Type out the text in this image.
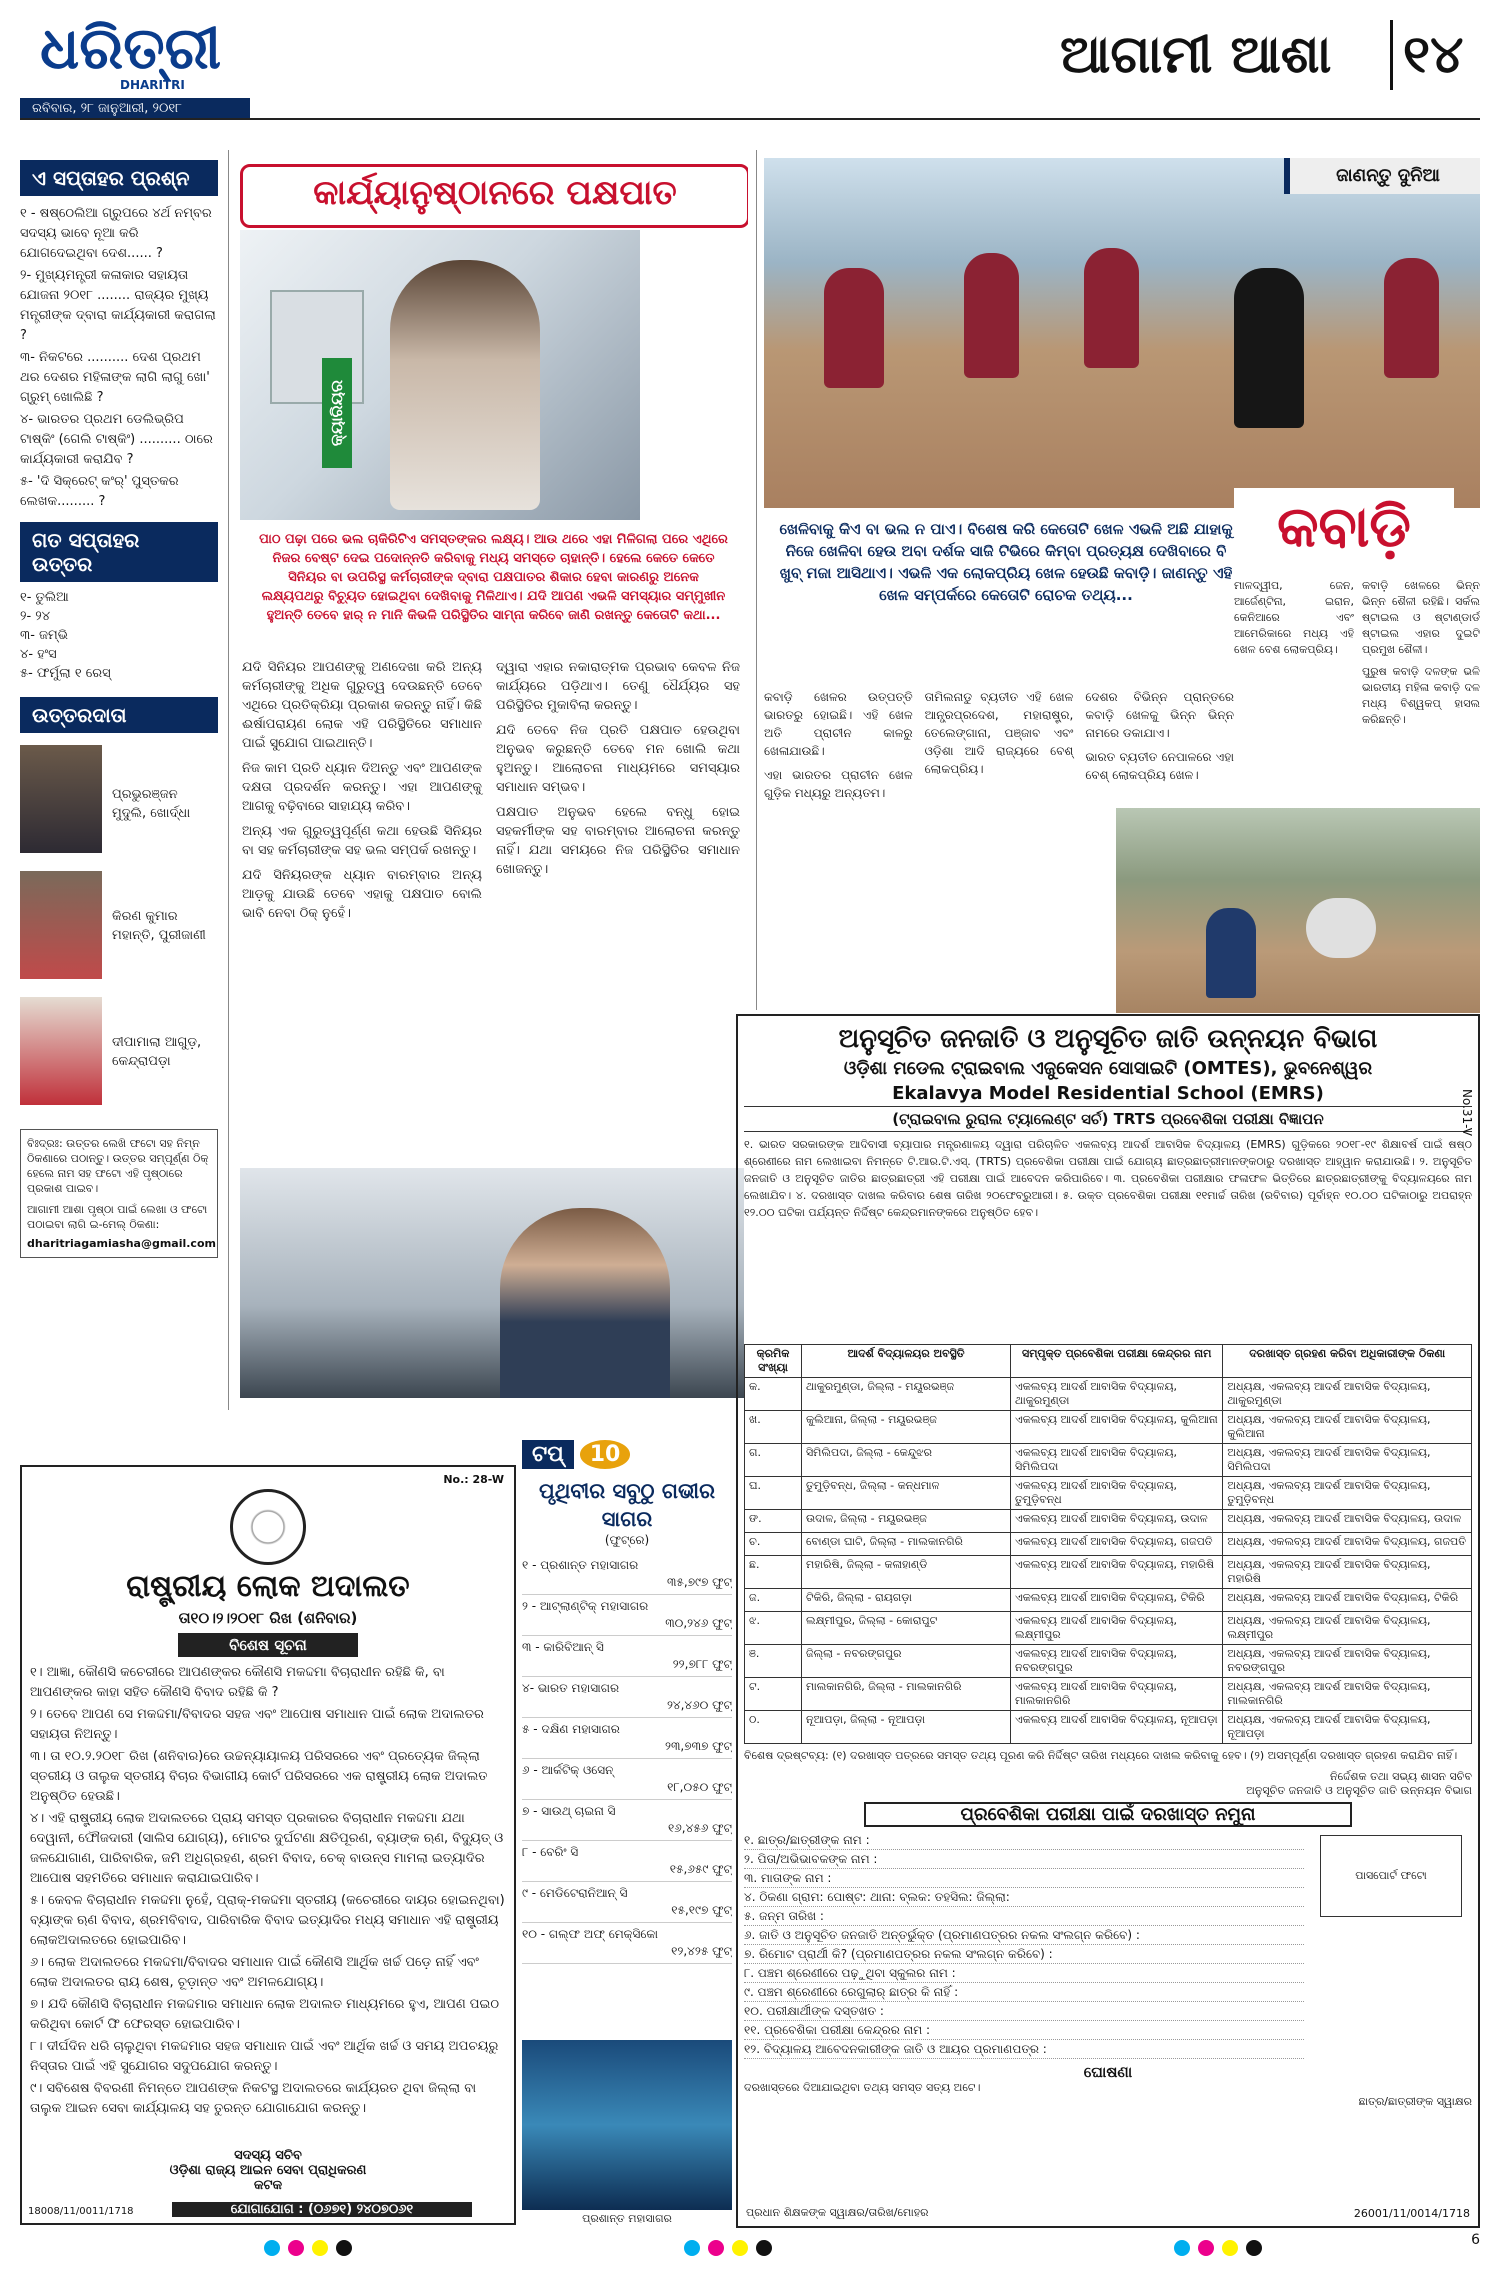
ଧରିତ୍ରୀ
DHARITRI
ରବିବାର, ୨୮ ଜାନୁଆରୀ, ୨୦୧୮
ଆଗାମୀ ଆଶା ୧୪
ଏ ସପ୍ତାହର ପ୍ରଶ୍ନ
୧ - ଷଷ୍ଠେଲିଆ ଗ୍ରୁପରେ ୪ର୍ଥ ନମ୍ବର ସଦସ୍ୟ ଭାବେ ନୂଆ କରି ଯୋଗଦେଇଥିବା ଦେଶ...... ?
୨- ମୁଖ୍ୟମନ୍ତ୍ରୀ କଳାକାର ସହାୟତା ଯୋଜନା ୨୦୧୮ ........ ରାଜ୍ୟର ମୁଖ୍ୟ ମନ୍ତ୍ରୀଙ୍କ ଦ୍ବାରା କାର୍ଯ୍ୟକାରୀ କରାଗଲା ?
୩- ନିକଟରେ .......... ଦେଶ ପ୍ରଥମ ଥର ଦେଶର ମହିଳାଙ୍କ ଲାଗି ଲାଗୁ ଖୋ' ଗ୍ରୁମ୍ ଖୋଲିଛି ?
୪- ଭାରତର ପ୍ରଥମ ଡେଲିଭ୍ରିପ ଟାଷ୍କିଂ (ଗେଲି ଟାଷ୍କିଂ) .......... ଠାରେ କାର୍ଯ୍ୟକାରୀ କରାଯିବ ?
୫- 'ଦି ସିକ୍ରେଟ୍ କଂର୍' ପୁସ୍ତକର ଲେଖକ......... ?
ଗତ ସପ୍ତାହର ଉତ୍ତର
୧- ତୁଲିଆ
୨- ୨୪
୩- ଜମ୍ଭି
୪- ହଂସ
୫- ଫର୍ମୁଲା ୧ ରେସ୍
ଉତ୍ତରଦାତା
ପ୍ରଭୁରଞ୍ଜନ ମୁଦୁଲି, ଖୋର୍ଦ୍ଧା
କିରଣ କୁମାର ମହାନ୍ତି, ପୁରୀଜାଣୀ
ଦୀପାମାଲା ଆଗୁଡ଼, କେନ୍ଦ୍ରାପଡ଼ା
ବିଃଦ୍ରଃ: ଉତ୍ତର ଲେଖି ଫଟୋ ସହ ନିମ୍ନ ଠିକଣାରେ ପଠାନ୍ତୁ। ଉତ୍ତର ସମ୍ପୂର୍ଣ୍ଣ ଠିକ୍ ହେଲେ ନାମ ସହ ଫଟୋ ଏହି ପୃଷ୍ଠାରେ ପ୍ରକାଶ ପାଇବ।
ଆଗାମୀ ଆଶା ପୃଷ୍ଠା ପାଇଁ ଲେଖା ଓ ଫଟୋ ପଠାଇବା ଲାଗି ଇ-ମେଲ୍ ଠିକଣା:
dharitriagamiasha@gmail.com
କାର୍ଯ୍ୟାନୁଷ୍ଠାନରେ ପକ୍ଷପାତ
କ୍ୟାରିୟର
ପାଠ ପଢ଼ା ପରେ ଭଲ ଚାକିରିଟିଏ ସମସ୍ତଙ୍କର ଲକ୍ଷ୍ୟ। ଆଉ ଥରେ ଏହା ମିଳିଗଲା ପରେ ଏଥିରେ ନିଜର ବେଷ୍ଟ ଦେଇ ପଦୋନ୍ନତି କରିବାକୁ ମଧ୍ୟ ସମସ୍ତେ ଚାହାନ୍ତି। ହେଲେ କେତେ କେତେ ସିନିୟର ବା ଉପରିସ୍ଥ କର୍ମଚାରୀଙ୍କ ଦ୍ବାରା ପକ୍ଷପାତର ଶିକାର ହେବା କାରଣରୁ ଅନେକ ଲକ୍ଷ୍ୟପଥରୁ ବିଚ୍ୟୁତ ହୋଇଥିବା ଦେଖିବାକୁ ମିଳିଥାଏ। ଯଦି ଆପଣ ଏଭଳି ସମସ୍ୟାର ସମ୍ମୁଖୀନ ହୁଅନ୍ତି ତେବେ ହାର୍ ନ ମାନି କିଭଳି ପରିସ୍ଥିତିର ସାମ୍ନା କରିବେ ଜାଣି ରଖନ୍ତୁ କେତୋଟି କଥା...

ଯଦି ସିନିୟର ଆପଣଙ୍କୁ ଅଣଦେଖା କରି ଅନ୍ୟ କର୍ମଚାରୀଙ୍କୁ ଅଧିକ ଗୁରୁତ୍ୱ ଦେଉଛନ୍ତି ତେବେ ଏଥିରେ ପ୍ରତିକ୍ରିୟା ପ୍ରକାଶ କରନ୍ତୁ ନାହିଁ। କିଛି ଈର୍ଷାପରାୟଣ ଲୋକ ଏହି ପରିସ୍ଥିତିରେ ସମାଧାନ ପାଇଁ ସୁଯୋଗ ପାଇଥାନ୍ତି।

ନିଜ କାମ ପ୍ରତି ଧ୍ୟାନ ଦିଅନ୍ତୁ ଏବଂ ଆପଣଙ୍କ ଦକ୍ଷତା ପ୍ରଦର୍ଶନ କରନ୍ତୁ। ଏହା ଆପଣଙ୍କୁ ଆଗକୁ ବଢ଼ିବାରେ ସାହାଯ୍ୟ କରିବ।

ଅନ୍ୟ ଏକ ଗୁରୁତ୍ୱପୂର୍ଣ୍ଣ କଥା ହେଉଛି ସିନିୟର ବା ସହ କର୍ମଚାରୀଙ୍କ ସହ ଭଲ ସମ୍ପର୍କ ରଖନ୍ତୁ।

ଯଦି ସିନିୟରଙ୍କ ଧ୍ୟାନ ବାରମ୍ବାର ଅନ୍ୟ ଆଡ଼କୁ ଯାଉଛି ତେବେ ଏହାକୁ ପକ୍ଷପାତ ବୋଲି ଭାବି ନେବା ଠିକ୍ ନୁହେଁ।

ଦ୍ୱାରା ଏହାର ନକାରାତ୍ମକ ପ୍ରଭାବ କେବଳ ନିଜ କାର୍ଯ୍ୟରେ ପଡ଼ିଥାଏ। ତେଣୁ ଧୈର୍ଯ୍ୟର ସହ ପରିସ୍ଥିତିର ମୁକାବିଲା କରନ୍ତୁ।

ଯଦି ତେବେ ନିଜ ପ୍ରତି ପକ୍ଷପାତ ହେଉଥିବା ଅନୁଭବ କରୁଛନ୍ତି ତେବେ ମନ ଖୋଲି କଥା ହୁଅନ୍ତୁ। ଆଲୋଚନା ମାଧ୍ୟମରେ ସମସ୍ୟାର ସମାଧାନ ସମ୍ଭବ।

ପକ୍ଷପାତ ଅନୁଭବ ହେଲେ ବନ୍ଧୁ ହୋଇ ସହକର୍ମୀଙ୍କ ସହ ବାରମ୍ବାର ଆଲୋଚନା କରନ୍ତୁ ନାହିଁ। ଯଥା ସମୟରେ ନିଜ ପରିସ୍ଥିତିର ସମାଧାନ ଖୋଜନ୍ତୁ।

ଜାଣନ୍ତୁ ଦୁନିଆ
କବାଡ଼ି
ଖେଳିବାକୁ କିଏ ବା ଭଲ ନ ପାଏ। ବିଶେଷ କରି କେତୋଟି ଖେଳ ଏଭଳି ଅଛି ଯାହାକୁ ନିଜେ ଖେଳିବା ହେଉ ଅବା ଦର୍ଶକ ସାଜି ଟିଭିରେ କିମ୍ବା ପ୍ରତ୍ୟକ୍ଷ ଦେଖିବାରେ ବି ଖୁବ୍ ମଜା ଆସିଥାଏ। ଏଭଳି ଏକ ଲୋକପ୍ରିୟ ଖେଳ ହେଉଛି କବାଡ଼ି। ଜାଣନ୍ତୁ ଏହି ଖେଳ ସମ୍ପର୍କରେ କେତୋଟି ରୋଚକ ତଥ୍ୟ...

ମାଳଦ୍ୱୀପ, ଜେନ, ଆର୍ଜେଣ୍ଟିନା, ଇରାନ, କେନିଆରେ ଏବଂ ଆମେରିକାରେ ମଧ୍ୟ ଏହି ଖେଳ ବେଶ ଲୋକପ୍ରିୟ।

କବାଡ଼ି ଖେଳରେ ଭିନ୍ନ ଭିନ୍ନ ଶୈଳୀ ରହିଛି। ସର୍କଲ ଷ୍ଟାଇଲ ଓ ଷ୍ଟାଣ୍ଡାର୍ଡ ଷ୍ଟାଇଲ ଏହାର ଦୁଇଟି ପ୍ରମୁଖ ଶୈଳୀ।

ପୁରୁଷ କବାଡ଼ି ଦଳଙ୍କ ଭଳି ଭାରତୀୟ ମହିଳା କବାଡ଼ି ଦଳ ମଧ୍ୟ ବିଶ୍ୱକପ୍ ହାସଲ କରିଛନ୍ତି।

କବାଡ଼ି ଖେଳର ଉତ୍ପତ୍ତି ଭାରତରୁ ହୋଇଛି। ଏହି ଖେଳ ଅତି ପ୍ରାଚୀନ କାଳରୁ ଖେଳାଯାଉଛି।

ଏହା ଭାରତର ପ୍ରାଚୀନ ଖେଳ ଗୁଡ଼ିକ ମଧ୍ୟରୁ ଅନ୍ୟତମ।

ତାମିଲନାଡୁ ବ୍ୟତୀତ ଏହି ଖେଳ ଆନ୍ଧ୍ରପ୍ରଦେଶ, ମହାରାଷ୍ଟ୍ର, ତେଲେଙ୍ଗାନା, ପଞ୍ଜାବ ଏବଂ ଓଡ଼ିଶା ଆଦି ରାଜ୍ୟରେ ବେଶ୍ ଲୋକପ୍ରିୟ।

ଦେଶର ବିଭିନ୍ନ ପ୍ରାନ୍ତରେ କବାଡ଼ି ଖେଳକୁ ଭିନ୍ନ ଭିନ୍ନ ନାମରେ ଡକାଯାଏ।

ଭାରତ ବ୍ୟତୀତ ନେପାଳରେ ଏହା ବେଶ୍ ଲୋକପ୍ରିୟ ଖେଳ।

ଅନୁସୂଚିତ ଜନଜାତି ଓ ଅନୁସୂଚିତ ଜାତି ଉନ୍ନୟନ ବିଭାଗ
ଓଡ଼ିଶା ମଡେଲ ଟ୍ରାଇବାଲ ଏଜୁକେସନ ସୋସାଇଟି (OMTES), ଭୁବନେଶ୍ୱର
Ekalavya Model Residential School (EMRS)
(ଟ୍ରାଇବାଲ ରୁରାଲ ଟ୍ୟାଲେଣ୍ଟ ସର୍ଚ) TRTS ପ୍ରବେଶିକା ପରୀକ୍ଷା ବିଜ୍ଞାପନ	No.31-V
୧. ଭାରତ ସରକାରଙ୍କ ଆଦିବାସୀ ବ୍ୟାପାର ମନ୍ତ୍ରଣାଳୟ ଦ୍ୱାରା ପରିଚାଳିତ ଏକଲବ୍ୟ ଆଦର୍ଶ ଆବାସିକ ବିଦ୍ୟାଳୟ (EMRS) ଗୁଡ଼ିକରେ ୨୦୧୮-୧୯ ଶିକ୍ଷାବର୍ଷ ପାଇଁ ଷଷ୍ଠ ଶ୍ରେଣୀରେ ନାମ ଲେଖାଇବା ନିମନ୍ତେ ଟି.ଆର.ଟି.ଏସ୍. (TRTS) ପ୍ରବେଶିକା ପରୀକ୍ଷା ପାଇଁ ଯୋଗ୍ୟ ଛାତ୍ରଛାତ୍ରୀମାନଙ୍କଠାରୁ ଦରଖାସ୍ତ ଆହ୍ୱାନ କରାଯାଉଛି। ୨. ଅନୁସୂଚିତ ଜନଜାତି ଓ ଅନୁସୂଚିତ ଜାତିର ଛାତ୍ରଛାତ୍ରୀ ଏହି ପରୀକ୍ଷା ପାଇଁ ଆବେଦନ କରିପାରିବେ। ୩. ପ୍ରବେଶିକା ପରୀକ୍ଷାର ଫଳାଫଳ ଭିତ୍ତିରେ ଛାତ୍ରଛାତ୍ରୀଙ୍କୁ ବିଦ୍ୟାଳୟରେ ନାମ ଲେଖାଯିବ। ୪. ଦରଖାସ୍ତ ଦାଖଲ କରିବାର ଶେଷ ତାରିଖ ୨୦ଫେବ୍ରୁଆରୀ। ୫. ଉକ୍ତ ପ୍ରବେଶିକା ପରୀକ୍ଷା ୧୧ମାର୍ଚ୍ଚ ତାରିଖ (ରବିବାର) ପୂର୍ବାହ୍ନ ୧୦.୦୦ ଘଟିକାଠାରୁ ଅପରାହ୍ନ ୧୨.୦୦ ଘଟିକା ପର୍ଯ୍ୟନ୍ତ ନିର୍ଦ୍ଦିଷ୍ଟ କେନ୍ଦ୍ରମାନଙ୍କରେ ଅନୁଷ୍ଠିତ ହେବ।
କ୍ରମିକ ସଂଖ୍ୟା	ଆଦର୍ଶ ବିଦ୍ୟାଳୟର ଅବସ୍ଥିତି	ସମ୍ପୃକ୍ତ ପ୍ରବେଶିକା ପରୀକ୍ଷା କେନ୍ଦ୍ରର ନାମ	ଦରଖାସ୍ତ ଗ୍ରହଣ କରିବା ଅଧିକାରୀଙ୍କ ଠିକଣା
କ.	ଥାକୁରମୁଣ୍ଡା, ଜିଲ୍ଲା - ମୟୂରଭଞ୍ଜ	ଏକଲବ୍ୟ ଆଦର୍ଶ ଆବାସିକ ବିଦ୍ୟାଳୟ, ଥାକୁରମୁଣ୍ଡା	ଅଧ୍ୟକ୍ଷ, ଏକଲବ୍ୟ ଆଦର୍ଶ ଆବାସିକ ବିଦ୍ୟାଳୟ, ଥାକୁରମୁଣ୍ଡା
ଖ.	କୁଲିଆନା, ଜିଲ୍ଲା - ମୟୂରଭଞ୍ଜ	ଏକଲବ୍ୟ ଆଦର୍ଶ ଆବାସିକ ବିଦ୍ୟାଳୟ, କୁଲିଆନା	ଅଧ୍ୟକ୍ଷ, ଏକଲବ୍ୟ ଆଦର୍ଶ ଆବାସିକ ବିଦ୍ୟାଳୟ, କୁଲିଆନା
ଗ.	ସିମିଲିପଦା, ଜିଲ୍ଲା - କେନ୍ଦୁଝର	ଏକଲବ୍ୟ ଆଦର୍ଶ ଆବାସିକ ବିଦ୍ୟାଳୟ, ସିମିଲିପଦା	ଅଧ୍ୟକ୍ଷ, ଏକଲବ୍ୟ ଆଦର୍ଶ ଆବାସିକ ବିଦ୍ୟାଳୟ, ସିମିଲିପଦା
ଘ.	ତୁମୁଡ଼ିବନ୍ଧ, ଜିଲ୍ଲା - କନ୍ଧମାଳ	ଏକଲବ୍ୟ ଆଦର୍ଶ ଆବାସିକ ବିଦ୍ୟାଳୟ, ତୁମୁଡ଼ିବନ୍ଧ	ଅଧ୍ୟକ୍ଷ, ଏକଲବ୍ୟ ଆଦର୍ଶ ଆବାସିକ ବିଦ୍ୟାଳୟ, ତୁମୁଡ଼ିବନ୍ଧ
ଙ.	ଉଦାଳ, ଜିଲ୍ଲା - ମୟୂରଭଞ୍ଜ	ଏକଲବ୍ୟ ଆଦର୍ଶ ଆବାସିକ ବିଦ୍ୟାଳୟ, ଉଦାଳ	ଅଧ୍ୟକ୍ଷ, ଏକଲବ୍ୟ ଆଦର୍ଶ ଆବାସିକ ବିଦ୍ୟାଳୟ, ଉଦାଳ
ଚ.	ବୋଣ୍ଡା ଘାଟି, ଜିଲ୍ଲା - ମାଲକାନଗିରି	ଏକଲବ୍ୟ ଆଦର୍ଶ ଆବାସିକ ବିଦ୍ୟାଳୟ, ଗଜପତି	ଅଧ୍ୟକ୍ଷ, ଏକଲବ୍ୟ ଆଦର୍ଶ ଆବାସିକ ବିଦ୍ୟାଳୟ, ଗଜପତି
ଛ.	ମହାରିଷି, ଜିଲ୍ଲା - କଳାହାଣ୍ଡି	ଏକଲବ୍ୟ ଆଦର୍ଶ ଆବାସିକ ବିଦ୍ୟାଳୟ, ମହାରିଷି	ଅଧ୍ୟକ୍ଷ, ଏକଲବ୍ୟ ଆଦର୍ଶ ଆବାସିକ ବିଦ୍ୟାଳୟ, ମହାରିଷି
ଜ.	ଟିକିରି, ଜିଲ୍ଲା - ରାୟଗଡ଼ା	ଏକଲବ୍ୟ ଆଦର୍ଶ ଆବାସିକ ବିଦ୍ୟାଳୟ, ଟିକିରି	ଅଧ୍ୟକ୍ଷ, ଏକଲବ୍ୟ ଆଦର୍ଶ ଆବାସିକ ବିଦ୍ୟାଳୟ, ଟିକିରି
ଝ.	ଲକ୍ଷ୍ମୀପୁର, ଜିଲ୍ଲା - କୋରାପୁଟ	ଏକଲବ୍ୟ ଆଦର୍ଶ ଆବାସିକ ବିଦ୍ୟାଳୟ, ଲକ୍ଷ୍ମୀପୁର	ଅଧ୍ୟକ୍ଷ, ଏକଲବ୍ୟ ଆଦର୍ଶ ଆବାସିକ ବିଦ୍ୟାଳୟ, ଲକ୍ଷ୍ମୀପୁର
ଞ.	ଜିଲ୍ଲା - ନବରଙ୍ଗପୁର	ଏକଲବ୍ୟ ଆଦର୍ଶ ଆବାସିକ ବିଦ୍ୟାଳୟ, ନବରଙ୍ଗପୁର	ଅଧ୍ୟକ୍ଷ, ଏକଲବ୍ୟ ଆଦର୍ଶ ଆବାସିକ ବିଦ୍ୟାଳୟ, ନବରଙ୍ଗପୁର
ଟ.	ମାଲକାନଗିରି, ଜିଲ୍ଲା - ମାଲକାନଗିରି	ଏକଲବ୍ୟ ଆଦର୍ଶ ଆବାସିକ ବିଦ୍ୟାଳୟ, ମାଲକାନଗିରି	ଅଧ୍ୟକ୍ଷ, ଏକଲବ୍ୟ ଆଦର୍ଶ ଆବାସିକ ବିଦ୍ୟାଳୟ, ମାଲକାନଗିରି
ଠ.	ନୂଆପଡ଼ା, ଜିଲ୍ଲା - ନୂଆପଡ଼ା	ଏକଲବ୍ୟ ଆଦର୍ଶ ଆବାସିକ ବିଦ୍ୟାଳୟ, ନୂଆପଡ଼ା	ଅଧ୍ୟକ୍ଷ, ଏକଲବ୍ୟ ଆଦର୍ଶ ଆବାସିକ ବିଦ୍ୟାଳୟ, ନୂଆପଡ଼ା
ବିଶେଷ ଦ୍ରଷ୍ଟବ୍ୟ: (୧) ଦରଖାସ୍ତ ପତ୍ରରେ ସମସ୍ତ ତଥ୍ୟ ପୂରଣ କରି ନିର୍ଦ୍ଦିଷ୍ଟ ତାରିଖ ମଧ୍ୟରେ ଦାଖଲ କରିବାକୁ ହେବ। (୨) ଅସମ୍ପୂର୍ଣ୍ଣ ଦରଖାସ୍ତ ଗ୍ରହଣ କରାଯିବ ନାହିଁ।
ନିର୍ଦ୍ଦେଶକ ତଥା ସଭ୍ୟ ଶାସନ ସଚିବ
ଅନୁସୂଚିତ ଜନଜାତି ଓ ଅନୁସୂଚିତ ଜାତି ଉନ୍ନୟନ ବିଭାଗ
ପ୍ରବେଶିକା ପରୀକ୍ଷା ପାଇଁ ଦରଖାସ୍ତ ନମୁନା
୧. ଛାତ୍ର/ଛାତ୍ରୀଙ୍କ ନାମ :
୨. ପିତା/ଅଭିଭାବକଙ୍କ ନାମ :
୩. ମାତାଙ୍କ ନାମ :
୪. ଠିକଣା ଗ୍ରାମ: ପୋଷ୍ଟ: ଥାନା: ବ୍ଲକ: ତହସିଲ: ଜିଲ୍ଲା:
୫. ଜନ୍ମ ତାରିଖ :
୬. ଜାତି ଓ ଅନୁସୂଚିତ ଜନଜାତି ଅନ୍ତର୍ଭୁକ୍ତ (ପ୍ରମାଣପତ୍ରର ନକଲ ସଂଲଗ୍ନ କରିବେ) :
୭. ରିମୋଟ ପ୍ରାର୍ଥୀ କି? (ପ୍ରମାଣପତ୍ରର ନକଲ ସଂଲଗ୍ନ କରିବେ) :
୮. ପଞ୍ଚମ ଶ୍ରେଣୀରେ ପଢ଼ୁଥିବା ସ୍କୁଲର ନାମ :
୯. ପଞ୍ଚମ ଶ୍ରେଣୀରେ ରେଗୁଲାର୍ ଛାତ୍ର କି ନାହିଁ :
୧୦. ପରୀକ୍ଷାର୍ଥୀଙ୍କ ଦସ୍ତଖତ :
୧୧. ପ୍ରବେଶିକା ପରୀକ୍ଷା କେନ୍ଦ୍ରର ନାମ :
୧୨. ବିଦ୍ୟାଳୟ ଆବେଦନକାରୀଙ୍କ ଜାତି ଓ ଆୟର ପ୍ରମାଣପତ୍ର :
ପାସପୋର୍ଟ ଫଟୋ
ଘୋଷଣା
ଦରଖାସ୍ତରେ ଦିଆଯାଇଥିବା ତଥ୍ୟ ସମସ୍ତ ସତ୍ୟ ଅଟେ।
ଛାତ୍ର/ଛାତ୍ରୀଙ୍କ ସ୍ୱାକ୍ଷର
ପ୍ରଧାନ ଶିକ୍ଷକଙ୍କ ସ୍ୱାକ୍ଷର/ତାରିଖ/ମୋହର	26001/11/0014/1718
No.: 28-W
ରାଷ୍ଟ୍ରୀୟ ଲୋକ ଅଦାଲତ
ତା୧୦।୨।୨୦୧୮ ରିଖ (ଶନିବାର)
ବିଶେଷ ସୂଚନା
୧। ଆଜ୍ଞା, କୌଣସି କଚେରୀରେ ଆପଣଙ୍କର କୌଣସି ମକଦ୍ଦମା ବିଚାରାଧୀନ ରହିଛି କି, ବା ଆପଣଙ୍କର କାହା ସହିତ କୌଣସି ବିବାଦ ରହିଛି କି ?
୨। ତେବେ ଆପଣ ସେ ମକଦ୍ଦମା/ବିବାଦର ସହଜ ଏବଂ ଆପୋଷ ସମାଧାନ ପାଇଁ ଲୋକ ଅଦାଲତର ସହାୟତା ନିଅନ୍ତୁ।
୩। ତା ୧୦.୨.୨୦୧୮ ରିଖ (ଶନିବାର)ରେ ଉଚ୍ଚନ୍ୟାୟାଳୟ ପରିସରରେ ଏବଂ ପ୍ରତ୍ୟେକ ଜିଲ୍ଲା ସ୍ତରୀୟ ଓ ତାଲୁକ ସ୍ତରୀୟ ବିଚାର ବିଭାଗୀୟ କୋର୍ଟ ପରିସରରେ ଏକ ରାଷ୍ଟ୍ରୀୟ ଲୋକ ଅଦାଲତ ଅନୁଷ୍ଠିତ ହେଉଛି।
୪। ଏହି ରାଷ୍ଟ୍ରୀୟ ଲୋକ ଅଦାଲତରେ ପ୍ରାୟ ସମସ୍ତ ପ୍ରକାରର ବିଚାରାଧୀନ ମକଦ୍ଦମା ଯଥା ଦେୱାନୀ, ଫୌଜଦାରୀ (ସାଲିସ ଯୋଗ୍ୟ), ମୋଟର ଦୁର୍ଘଟଣା କ୍ଷତିପୂରଣ, ବ୍ୟାଙ୍କ ଋଣ, ବିଦ୍ୟୁତ୍ ଓ ଜଳଯୋଗାଣ, ପାରିବାରିକ, ଜମି ଅଧିଗ୍ରହଣ, ଶ୍ରମ ବିବାଦ, ଚେକ୍ ବାଉନ୍ସ ମାମଲା ଇତ୍ୟାଦିର ଆପୋଷ ସହମତିରେ ସମାଧାନ କରାଯାଇପାରିବ।
୫। କେବଳ ବିଚାରାଧୀନ ମକଦ୍ଦମା ନୁହେଁ, ପ୍ରାକ୍-ମକଦ୍ଦମା ସ୍ତରୀୟ (କଚେରୀରେ ଦାୟର ହୋଇନଥିବା) ବ୍ୟାଙ୍କ ଋଣ ବିବାଦ, ଶ୍ରମବିବାଦ, ପାରିବାରିକ ବିବାଦ ଇତ୍ୟାଦିର ମଧ୍ୟ ସମାଧାନ ଏହି ରାଷ୍ଟ୍ରୀୟ ଲୋକଅଦାଲତରେ ହୋଇପାରିବ।
୬। ଲୋକ ଅଦାଲତରେ ମକଦ୍ଦମା/ବିବାଦର ସମାଧାନ ପାଇଁ କୌଣସି ଆର୍ଥିକ ଖର୍ଚ୍ଚ ପଡ଼େ ନାହିଁ ଏବଂ ଲୋକ ଅଦାଲତର ରାୟ ଶେଷ, ଚୂଡ଼ାନ୍ତ ଏବଂ ଅମଳଯୋଗ୍ୟ।
୭। ଯଦି କୌଣସି ବିଚାରାଧୀନ ମକଦ୍ଦମାର ସମାଧାନ ଲୋକ ଅଦାଲତ ମାଧ୍ୟମରେ ହୁଏ, ଆପଣ ପଇଠ କରିଥିବା କୋର୍ଟ ଫି ଫେରସ୍ତ ହୋଇପାରିବ।
୮। ଦୀର୍ଘଦିନ ଧରି ଚାଲୁଥିବା ମକଦ୍ଦମାର ସହଜ ସମାଧାନ ପାଇଁ ଏବଂ ଆର୍ଥିକ ଖର୍ଚ୍ଚ ଓ ସମୟ ଅପଚୟରୁ ନିସ୍ତାର ପାଇଁ ଏହି ସୁଯୋଗର ସଦୁପଯୋଗ କରନ୍ତୁ।
୯। ସବିଶେଷ ବିବରଣୀ ନିମନ୍ତେ ଆପଣଙ୍କ ନିକଟସ୍ଥ ଅଦାଲତରେ କାର୍ଯ୍ୟରତ ଥିବା ଜିଲ୍ଲା ବା ତାଲୁକ ଆଇନ ସେବା କାର୍ଯ୍ୟାଳୟ ସହ ତୁରନ୍ତ ଯୋଗାଯୋଗ କରନ୍ତୁ।
ସଦସ୍ୟ ସଚିବ
ଓଡ଼ିଶା ରାଜ୍ୟ ଆଇନ ସେବା ପ୍ରାଧିକରଣ
କଟକ
ଯୋଗାଯୋଗ : (୦୬୭୧) ୨୪୦୭୦୬୧
18008/11/0011/1718
ଟପ୍	10
ପୃଥିବୀର ସବୁଠୁ ଗଭୀର ସାଗର
(ଫୁଟ୍‌ରେ)
୧ - ପ୍ରଶାନ୍ତ ମହାସାଗର
୩୫,୭୯୭ ଫୁଟ୍
୨ - ଆଟ୍ଲାଣ୍ଟିକ୍ ମହାସାଗର
୩୦,୨୪୬ ଫୁଟ୍
୩ - କାରିବିଆନ୍ ସି
୨୨,୭୮୮ ଫୁଟ୍
୪- ଭାରତ ମହାସାଗର
୨୪,୪୬୦ ଫୁଟ୍
୫ - ଦକ୍ଷିଣ ମହାସାଗର
୨୩,୭୩୭ ଫୁଟ୍
୬ - ଆର୍କଟିକ୍ ଓସେନ୍
୧୮,୦୫୦ ଫୁଟ୍
୭ - ସାଉଥ୍ ଚାଇନା ସି
୧୬,୪୫୬ ଫୁଟ୍
୮ - ବେରିଂ ସି
୧୫,୬୫୯ ଫୁଟ୍
୯ - ମେଡିଟେରାନିଆନ୍ ସି
୧୫,୧୯୭ ଫୁଟ୍
୧୦ - ଗଲ୍ଫ ଅଫ୍ ମେକ୍ସିକୋ
୧୨,୪୨୫ ଫୁଟ୍
ପ୍ରଶାନ୍ତ ମହାସାଗର
6
